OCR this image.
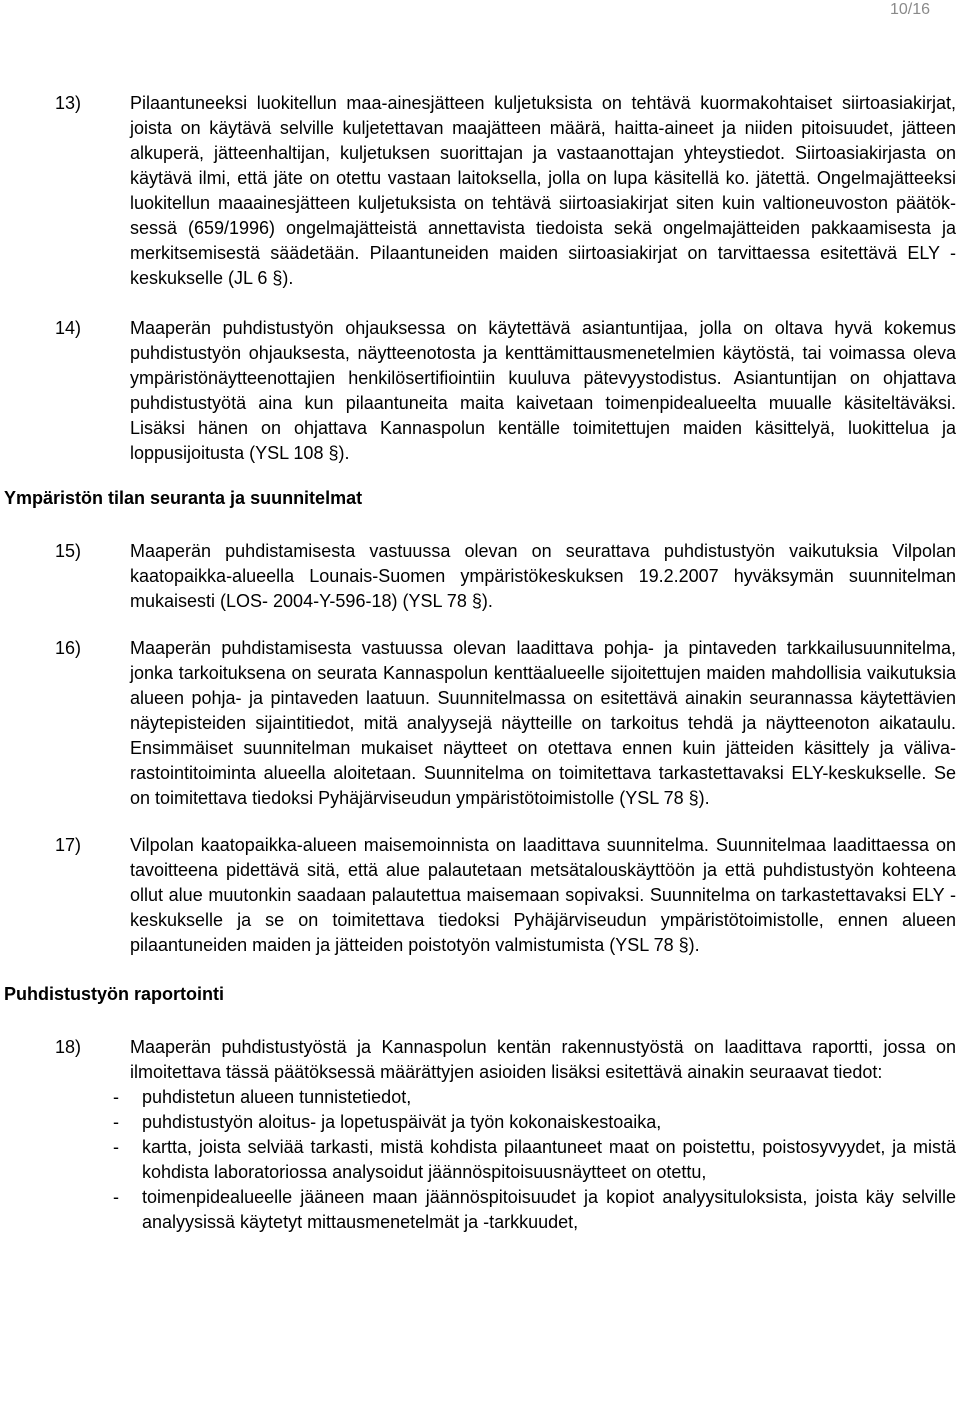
10/16
13)	Pilaantuneeksi luokitellun maa-ainesjätteen kuljetuksista on tehtävä kuormakohtaiset siirtoasiakirjat, joista on käytävä selville kuljetettavan maajätteen määrä, haitta-aineet ja niiden pitoisuudet, jätteen alkuperä, jätteenhaltijan, kuljetuksen suorittajan ja vastaanottajan yhteystiedot. Siirtoasiakirjasta on käytävä ilmi, että jäte on otettu vastaan laitoksella, jolla on lupa käsitellä ko. jätettä. Ongelmajätteeksi luokitellun maaainesjätteen kuljetuksista on tehtävä siirtoasiakirjat siten kuin valtioneuvoston päätöksessä (659/1996) ongelmajätteistä annettavista tiedoista sekä ongelmajätteiden pakkaamisesta ja merkitsemisestä säädetään. Pilaantuneiden maiden siirtoasiakirjat on tarvittaessa esitettävä ELY -keskukselle (JL 6 §).
14)	Maaperän puhdistustyön ohjauksessa on käytettävä asiantuntijaa, jolla on oltava hyvä kokemus puhdistustyön ohjauksesta, näytteenotosta ja kenttämittausmenetelmien käytöstä, tai voimassa oleva ympäristönäytteenottajien henkilösertifiointiin kuuluva pätevyystodistus. Asiantuntijan on ohjattava puhdistustyötä aina kun pilaantuneita maita kaivetaan toimenpidealueelta muualle käsiteltäväksi. Lisäksi hänen on ohjattava Kannaspolun kentälle toimitettujen maiden käsittelyä, luokittelua ja loppusijoitusta (YSL 108 §).
Ympäristön tilan seuranta ja suunnitelmat
15)	Maaperän puhdistamisesta vastuussa olevan on seurattava puhdistustyön vaikutuksia Vilpolan kaatopaikka-alueella Lounais-Suomen ympäristökeskuksen 19.2.2007 hyväksymän suunnitelman mukaisesti (LOS- 2004-Y-596-18) (YSL 78 §).
16)	Maaperän puhdistamisesta vastuussa olevan laadittava pohja- ja pintaveden tarkkailusuunnitelma, jonka tarkoituksena on seurata Kannaspolun kenttäalueelle sijoitettujen maiden mahdollisia vaikutuksia alueen pohja- ja pintaveden laatuun. Suunnitelmassa on esitettävä ainakin seurannassa käytettävien näytepisteiden sijaintitiedot, mitä analyysejä näytteille on tarkoitus tehdä ja näytteenoton aikataulu. Ensimmäiset suunnitelman mukaiset näytteet on otettava ennen kuin jätteiden käsittely ja välivarastointitoiminta alueella aloitetaan. Suunnitelma on toimitettava tarkastettavaksi ELY-keskukselle. Se on toimitettava tiedoksi Pyhäjärviseudun ympäristötoimistolle (YSL 78 §).
17)	Vilpolan kaatopaikka-alueen maisemoinnista on laadittava suunnitelma. Suunnitelmaa laadittaessa on tavoitteena pidettävä sitä, että alue palautetaan metsätalouskäyttöön ja että puhdistustyön kohteena ollut alue muutonkin saadaan palautettua maisemaan sopivaksi. Suunnitelma on tarkastettavaksi ELY -keskukselle ja se on toimitettava tiedoksi Pyhäjärviseudun ympäristötoimistolle, ennen alueen pilaantuneiden maiden ja jätteiden poistotyön valmistumista (YSL 78 §).
Puhdistustyön raportointi
18)	Maaperän puhdistustyöstä ja Kannaspolun kentän rakennustyöstä on laadittava raportti, jossa on ilmoitettava tässä päätöksessä määrättyjen asioiden lisäksi esitettävä ainakin seuraavat tiedot:
- puhdistetun alueen tunnistetiedot,
- puhdistustyön aloitus- ja lopetuspäivät ja työn kokonaiskestoaika,
- kartta, joista selviää tarkasti, mistä kohdista pilaantuneet maat on poistettu, poistosyvyydet, ja mistä kohdista laboratoriossa analysoidut jäännöspitoisuusnäytteet on otettu,
- toimenpidealueelle jääneen maan jäännöspitoisuudet ja kopiot analyysituloksista, joista käy selville analyysissä käytetyt mittausmenetelmät ja -tarkkuudet,
